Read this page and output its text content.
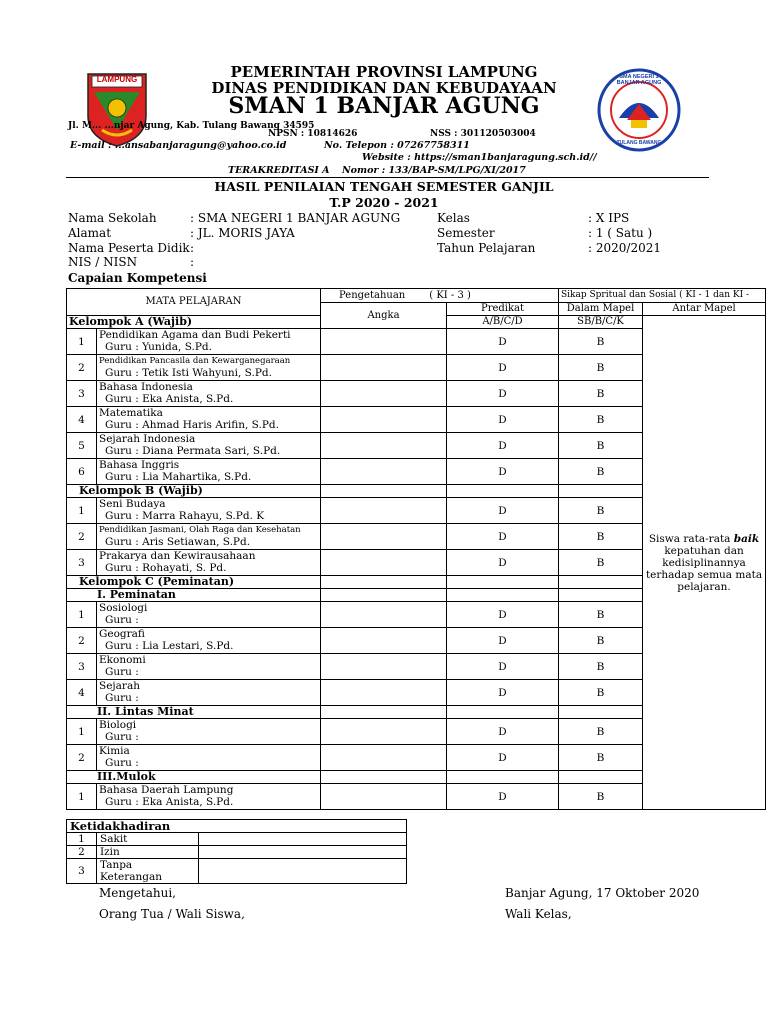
LAMPUNG	SMA NEGERI 1 BANJAR AGUNG
TULANG BAWANG
PEMERINTAH PROVINSI LAMPUNG
DINAS PENDIDIKAN DAN KEBUDAYAAN
SMAN 1 BANJAR AGUNG
Jl. M... ...njar Agung, Kab. Tulang Bawang 34595
NPSN : 10814626	NSS : 301120503004
E-mail : ...ansabanjaragung@yahoo.co.id	No. Telepon : 07267758311
Website : https://sman1banjaragung.sch.id//
TERAKREDITASI A Nomor : 133/BAP-SM/LPG/XI/2017
HASIL PENILAIAN TENGAH SEMESTER GANJIL
T.P 2020 - 2021
Nama Sekolah	: SMA NEGERI 1 BANJAR AGUNG
Alamat	: JL. MORIS JAYA
Nama Peserta Didik :
NIS / NISN	:
Kelas	: X IPS
Semester	: 1 ( Satu )
Tahun Pelajaran	: 2020/2021
Capaian Kompetensi
MATA PELAJARAN		Pengetahuan ( KI - 3 )		Sikap Spritual dan Sosial ( KI - 1 dan KI -	
		Angka	Predikat	Dalam Mapel	Antar Mapel
Kelompok A (Wajib)			A/B/C/D	SB/B/C/K	Siswa rata-rata baik kepatuhan dan kedisiplinannya terhadap semua mata pelajaran.
1	Pendidikan Agama dan Budi Pekerti
Guru : Yunida, S.Pd.		D	B	
2	Pendidikan Pancasila dan Kewarganegaraan
Guru : Tetik Isti Wahyuni, S.Pd.		D	B	
3	Bahasa Indonesia
Guru : Eka Anista, S.Pd.		D	B	
4	Matematika
Guru : Ahmad Haris Arifin, S.Pd.		D	B	
5	Sejarah Indonesia
Guru : Diana Permata Sari, S.Pd.		D	B	
6	Bahasa Inggris
Guru : Lia Mahartika, S.Pd.		D	B	
Kelompok B (Wajib)					
1	Seni Budaya
Guru : Marra Rahayu, S.Pd. K		D	B	
2	Pendidikan Jasmani, Olah Raga dan Kesehatan
Guru : Aris Setiawan, S.Pd.		D	B	
3	Prakarya dan Kewirausahaan
Guru : Rohayati, S. Pd.		D	B	
Kelompok C (Peminatan)					
I. Peminatan					
1	Sosiologi
Guru :		D	B	
2	Geografi
Guru : Lia Lestari, S.Pd.		D	B	
3	Ekonomi
Guru :		D	B	
4	Sejarah
Guru :		D	B	
II. Lintas Minat					
1	Biologi
Guru :		D	B	
2	Kimia
Guru :		D	B	
III.Mulok					
1	Bahasa Daerah Lampung
Guru : Eka Anista, S.Pd.		D	B	
Ketidakhadiran		
1	Sakit	
2	Izin	
3	Tanpa Keterangan	
Mengetahui,
Orang Tua / Wali Siswa,
Banjar Agung, 17 Oktober 2020
Wali Kelas,
